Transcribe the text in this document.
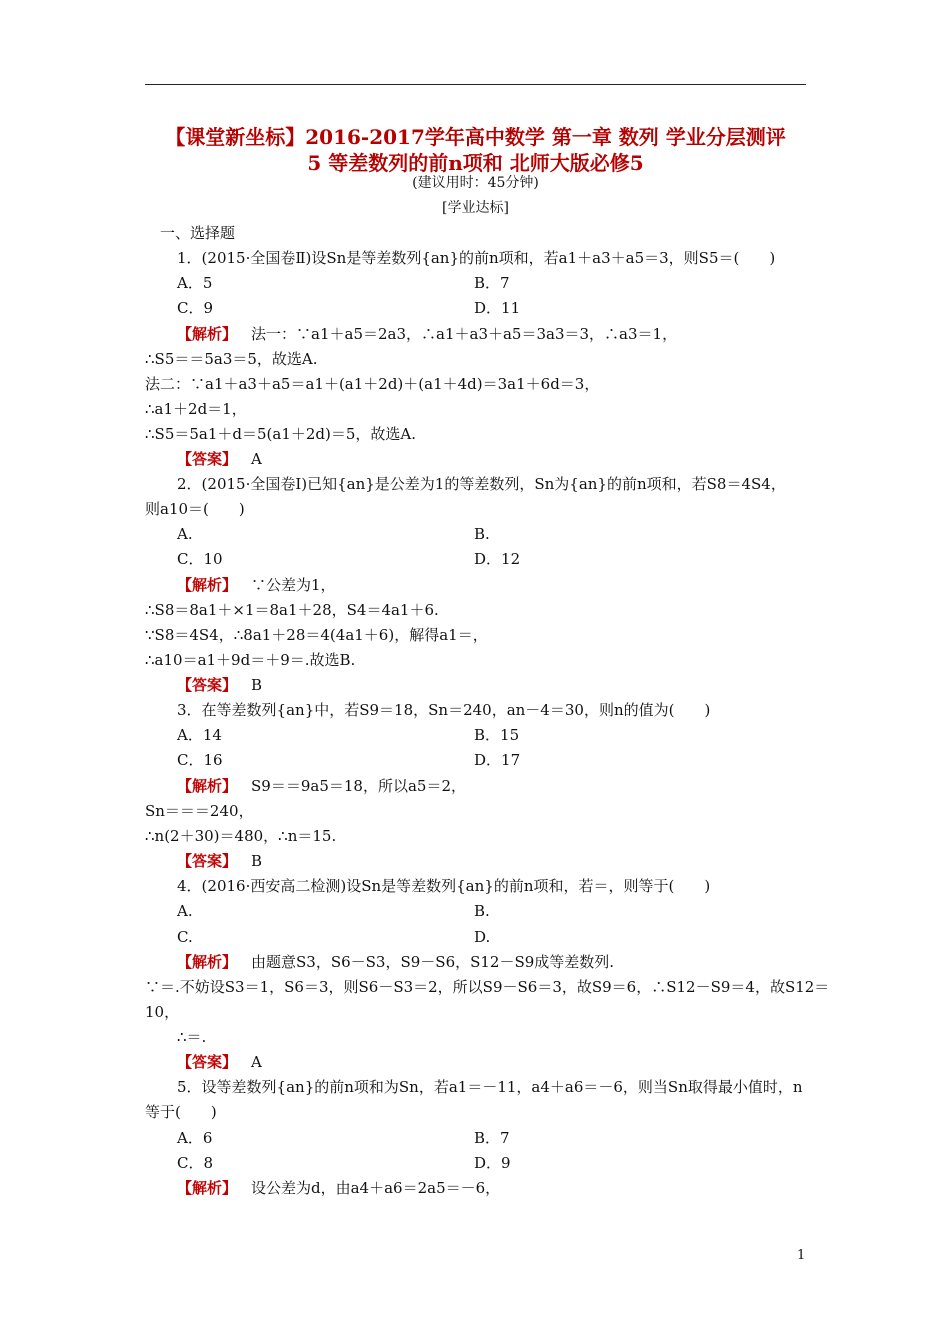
【课堂新坐标】2016-2017学年高中数学 第一章 数列 学业分层测评
5 等差数列的前n项和 北师大版必修5
(建议用时：45分钟)
[学业达标]
一、选择题
1．(2015·全国卷Ⅱ)设Sn是等差数列{an}的前n项和，若a1＋a3＋a5＝3，则S5＝(　　)
A．5	B．7
C．9	D．11
【解析】 法一：∵a1＋a5＝2a3，∴a1＋a3＋a5＝3a3＝3，∴a3＝1，
∴S5＝＝5a3＝5，故选A.
法二：∵a1＋a3＋a5＝a1＋(a1＋2d)＋(a1＋4d)＝3a1＋6d＝3，
∴a1＋2d＝1，
∴S5＝5a1＋d＝5(a1＋2d)＝5，故选A.
【答案】 A
2．(2015·全国卷Ⅰ)已知{an}是公差为1的等差数列，Sn为{an}的前n项和，若S8＝4S4，
则a10＝(　　)
A.	B.
C．10	D．12
【解析】 ∵公差为1，
∴S8＝8a1＋×1＝8a1＋28，S4＝4a1＋6.
∵S8＝4S4，∴8a1＋28＝4(4a1＋6)，解得a1＝，
∴a10＝a1＋9d＝＋9＝.故选B.
【答案】 B
3．在等差数列{an}中，若S9＝18，Sn＝240，an－4＝30，则n的值为(　　)
A．14	B．15
C．16	D．17
【解析】 S9＝＝9a5＝18，所以a5＝2，
Sn＝＝＝240，
∴n(2＋30)＝480，∴n＝15.
【答案】 B
4．(2016·西安高二检测)设Sn是等差数列{an}的前n项和，若＝，则等于(　　)
A.	B.
C.	D.
【解析】 由题意S3，S6－S3，S9－S6，S12－S9成等差数列.
∵＝.不妨设S3＝1，S6＝3，则S6－S3＝2，所以S9－S6＝3，故S9＝6，∴S12－S9＝4，故S12＝
10，
∴＝.
【答案】 A
5．设等差数列{an}的前n项和为Sn，若a1＝－11，a4＋a6＝－6，则当Sn取得最小值时，n
等于(　　)
A．6	B．7
C．8	D．9
【解析】 设公差为d，由a4＋a6＝2a5＝－6，
1
